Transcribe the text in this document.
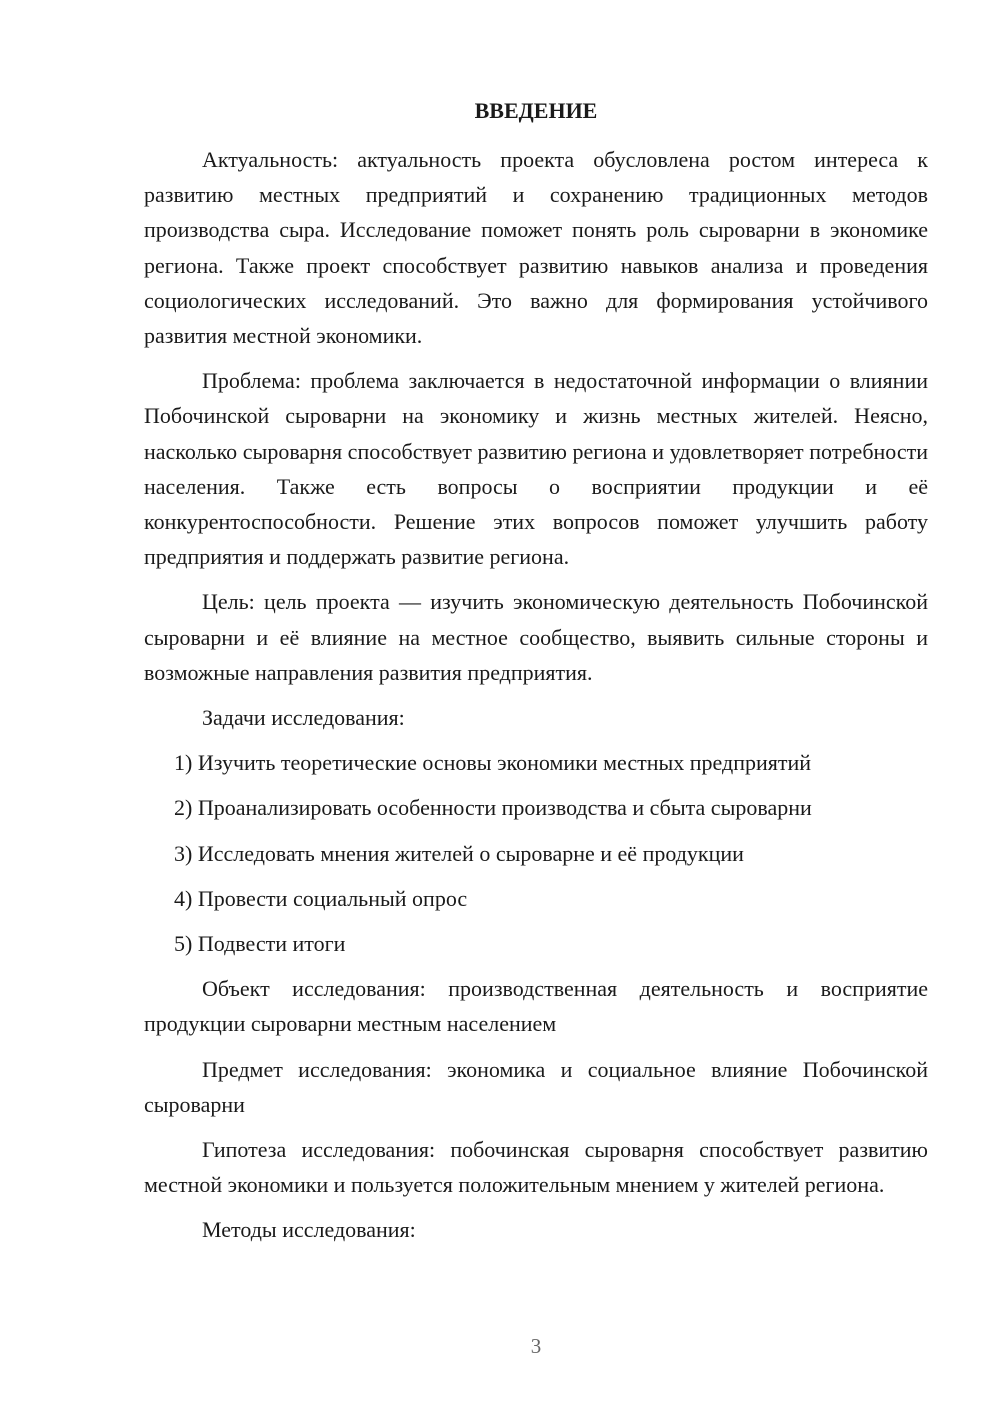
ВВЕДЕНИЕ

Актуальность: актуальность проекта обусловлена ростом интереса к развитию местных предприятий и сохранению традиционных методов производства сыра. Исследование поможет понять роль сыроварни в экономике региона. Также проект способствует развитию навыков анализа и проведения социологических исследований. Это важно для формирования устойчивого развития местной экономики.

Проблема: проблема заключается в недостаточной информации о влиянии Побочинской сыроварни на экономику и жизнь местных жителей. Неясно, насколько сыроварня способствует развитию региона и удовлетворяет потребности населения. Также есть вопросы о восприятии продукции и её конкурентоспособности. Решение этих вопросов поможет улучшить работу предприятия и поддержать развитие региона.

Цель: цель проекта — изучить экономическую деятельность Побочинской сыроварни и её влияние на местное сообщество, выявить сильные стороны и возможные направления развития предприятия.

Задачи исследования:

1) Изучить теоретические основы экономики местных предприятий

2) Проанализировать особенности производства и сбыта сыроварни

3) Исследовать мнения жителей о сыроварне и её продукции

4) Провести социальный опрос

5) Подвести итоги

Объект исследования: производственная деятельность и восприятие продукции сыроварни местным населением

Предмет исследования: экономика и социальное влияние Побочинской сыроварни

Гипотеза исследования: побочинская сыроварня способствует развитию местной экономики и пользуется положительным мнением у жителей региона.

Методы исследования:

3
